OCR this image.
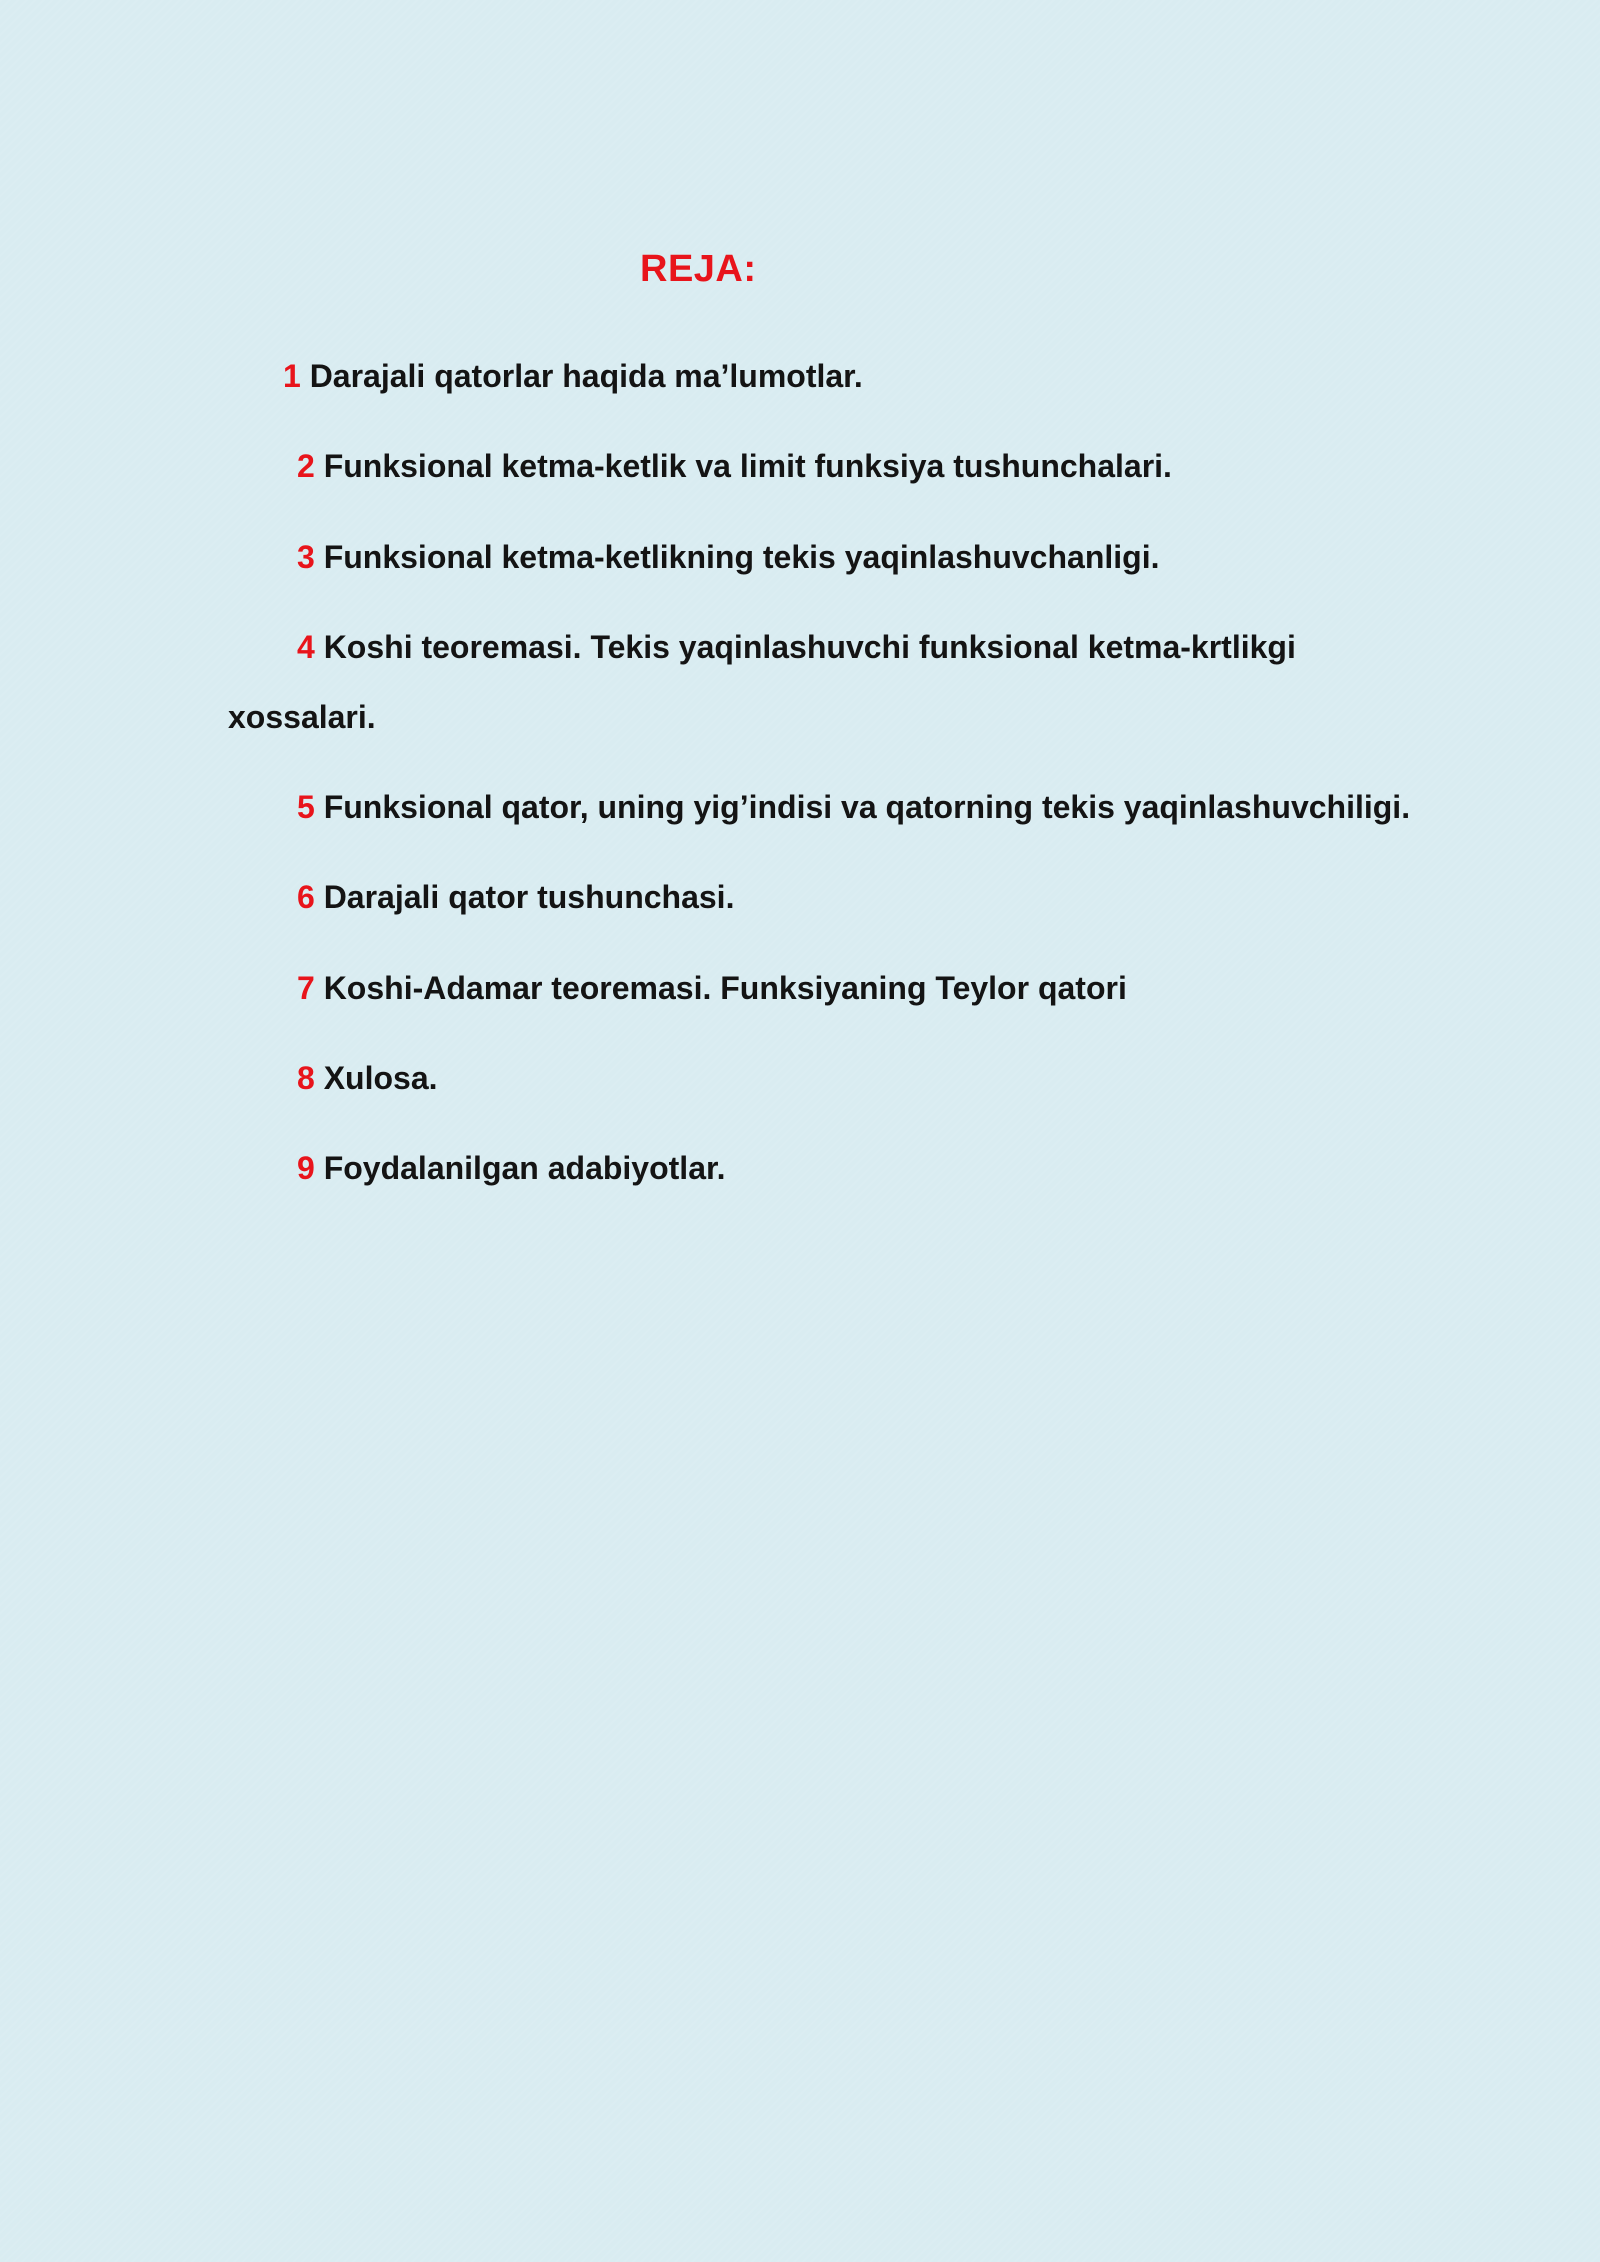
REJA:
1 Darajali qatorlar haqida ma’lumotlar.
2 Funksional ketma-ketlik va limit funksiya tushunchalari.
3 Funksional ketma-ketlikning tekis yaqinlashuvchanligi.
4 Koshi teoremasi. Tekis yaqinlashuvchi funksional ketma-krtlikgi
xossalari.
5 Funksional qator, uning yig’indisi va qatorning tekis yaqinlashuvchiligi.
6 Darajali qator tushunchasi.
7 Koshi-Adamar teoremasi. Funksiyaning Teylor qatori
8 Xulosa.
9 Foydalanilgan adabiyotlar.
